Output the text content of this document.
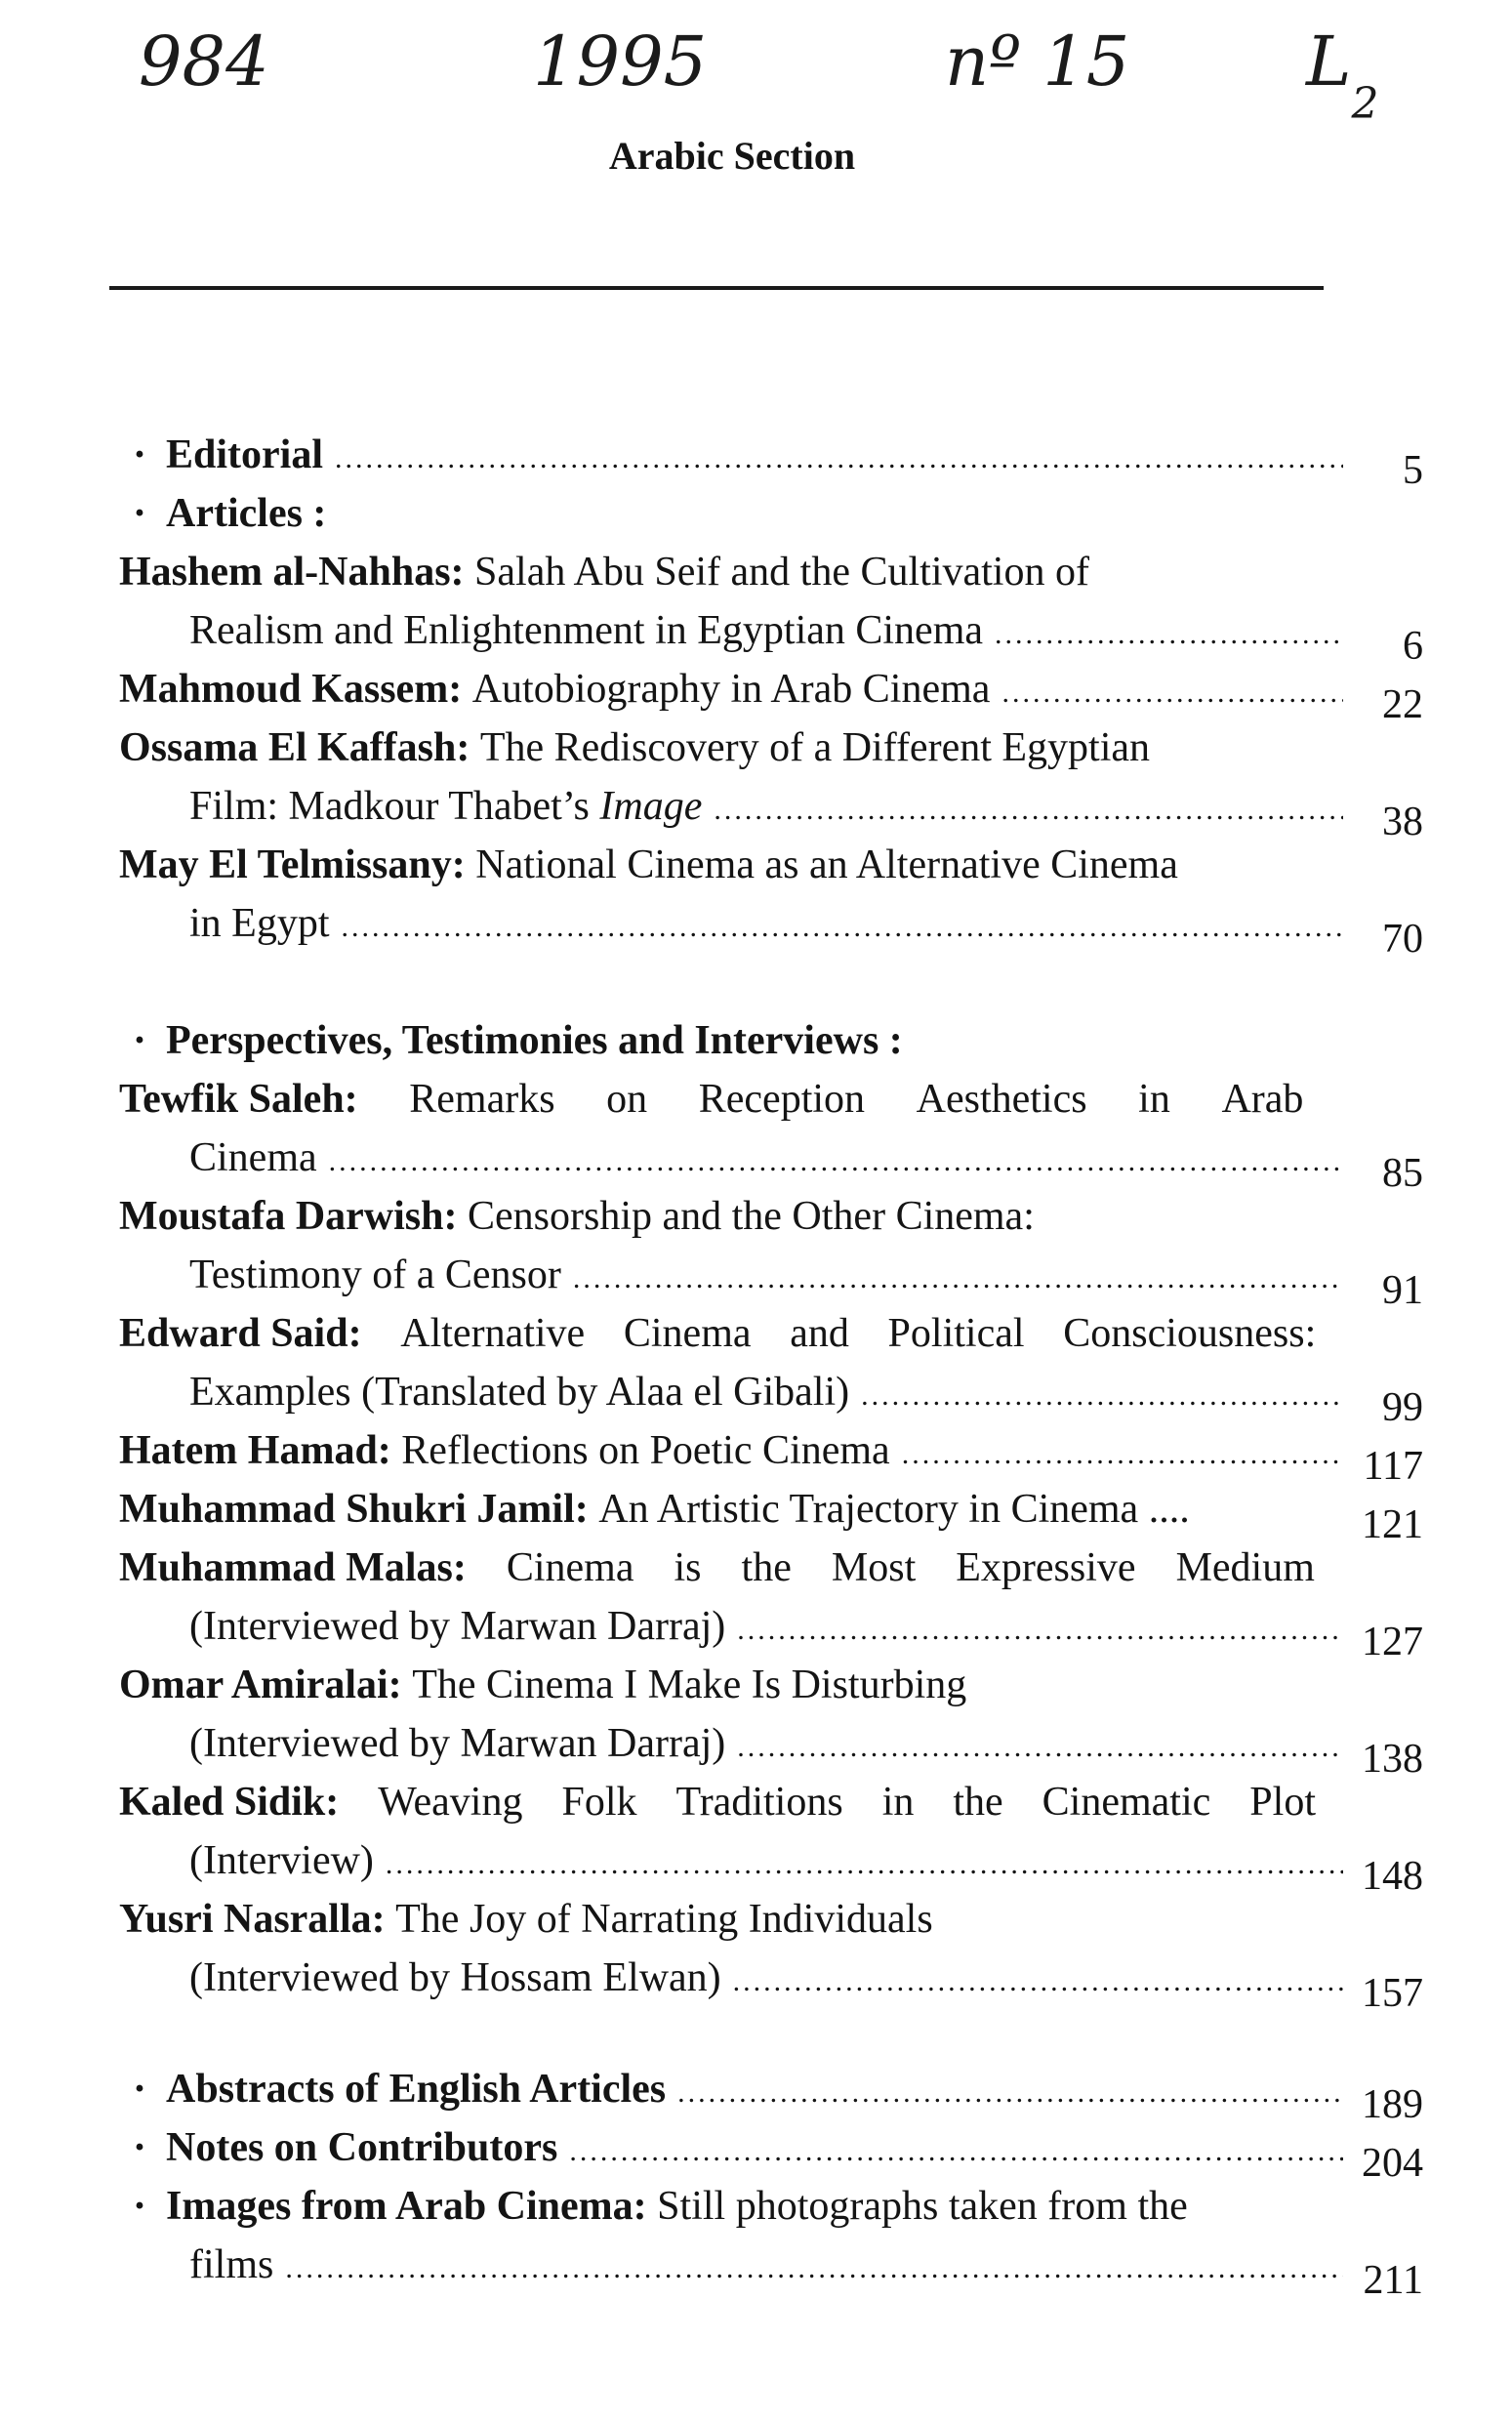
984	1995	nº 15	$L_2$

Arabic Section
· Editorial .....	5
· Articles :
Hashem al-Nahhas:
Salah Abu Seif and the Cultivation of
Realism and Enlightenment in Egyptian Cinema .....	6
Mahmoud Kassem:
Autobiography in Arab Cinema .....	22
Ossama El Kaffash:
The Rediscovery of a Different Egyptian
Film: Madkour Thabet’s
Image .....	38
May El Telmissany:
National Cinema as an Alternative Cinema
in Egypt .....	70
· Perspectives, Testimonies and Interviews :
Tewfik Saleh: Remarks on Reception Aesthetics in Arab
Cinema .....	85
Moustafa Darwish:
Censorship and the Other Cinema:
Testimony of a Censor .....	91
Edward Said: Alternative Cinema and Political Consciousness:
Examples (Translated by Alaa el Gibali) .....	99
Hatem Hamad:
Reflections on Poetic Cinema .....	117
Muhammad Shukri Jamil:
An Artistic Trajectory in Cinema ....	121
Muhammad Malas: Cinema is the Most Expressive Medium
(Interviewed by Marwan Darraj) .....	127
Omar Amiralai:
The Cinema I Make Is Disturbing
(Interviewed by Marwan Darraj) .....	138
Kaled Sidik: Weaving Folk Traditions in the Cinematic Plot
(Interview) .....	148
Yusri Nasralla:
The Joy of Narrating Individuals
(Interviewed by Hossam Elwan) .....	157
· Abstracts of English Articles .....	189
· Notes on Contributors .....	204
· Images from Arab Cinema:
Still photographs taken from the
films .....	211
